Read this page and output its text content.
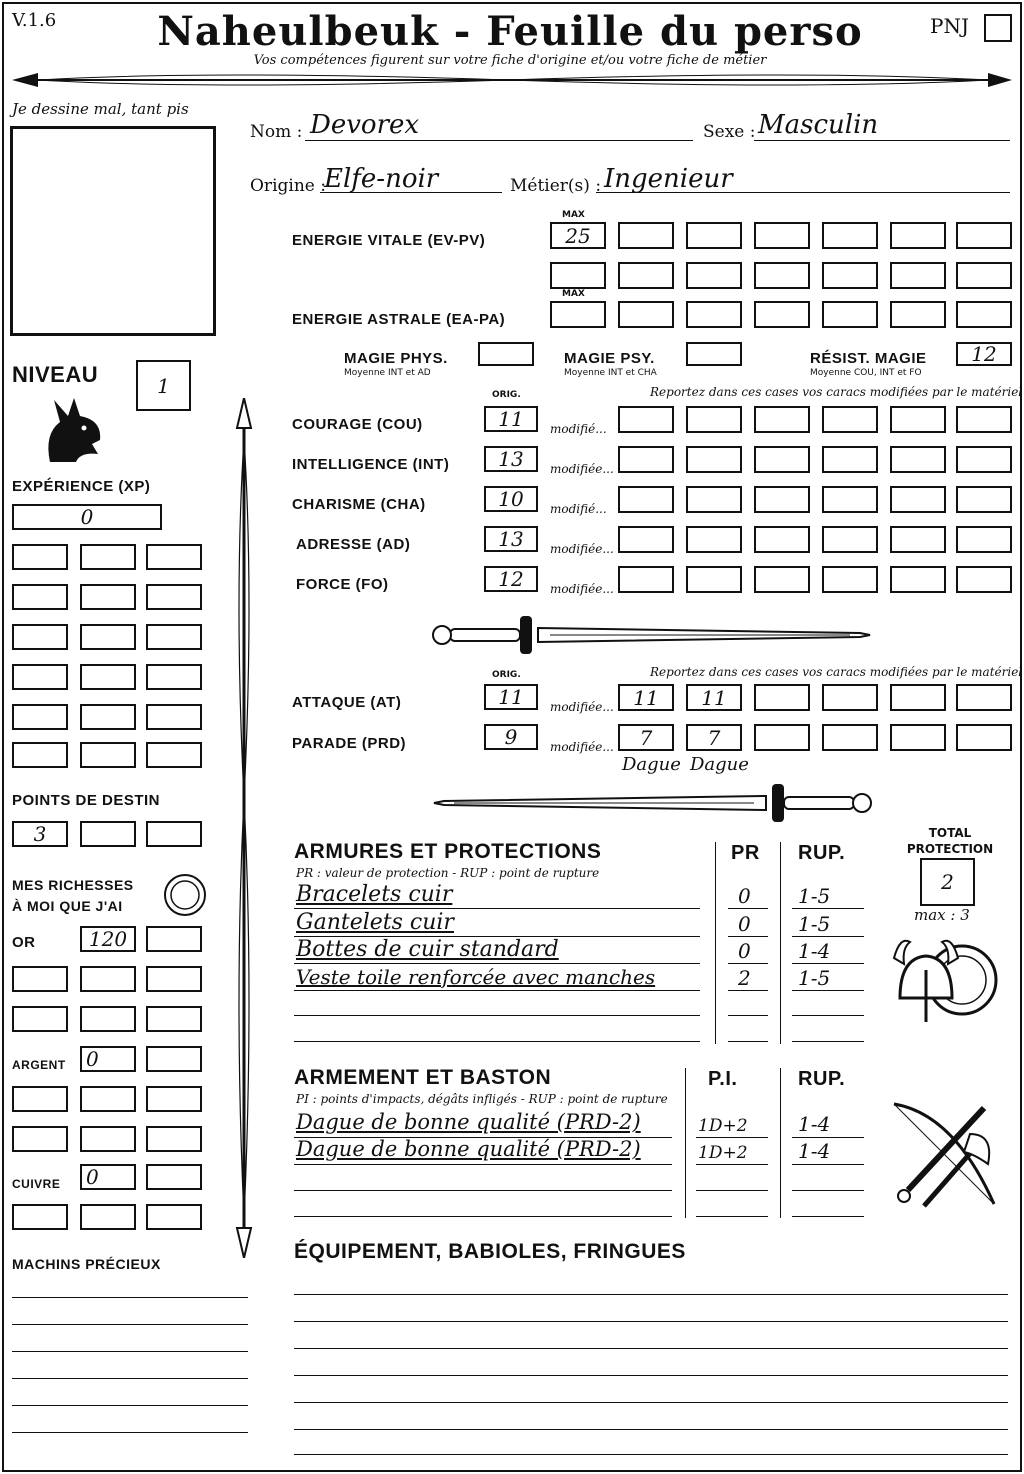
V.1.6	Naheulbeuk - Feuille du perso
Vos compétences figurent sur votre fiche d'origine et/ou votre fiche de métier
PNJ
Je dessine mal, tant pis
Nom : Devorex	Sexe : Masculin
Origine :
Elfe-noir	Métier(s) : Ingenieur
MAX
ENERGIE VITALE (EV-PV)	25
MAX
ENERGIE ASTRALE (EA-PA)
MAGIE PHYS.
Moyenne INT et AD
MAGIE PSY.
Moyenne INT et CHA
RÉSIST. MAGIE
Moyenne COU, INT et FO
12
ORIG.	Reportez dans ces cases vos caracs modifiées par le matériel
COURAGE (COU)	11	modifié...
INTELLIGENCE (INT)	13	modifiée...
CHARISME (CHA)	10	modifié...
ADRESSE (AD)	13	modifiée...
FORCE (FO)	12	modifiée...
ORIG.	Reportez dans ces cases vos caracs modifiées par le matériel
ATTAQUE (AT)	11	modifiée... 11	11
PARADE (PRD)	9	modifiée...	7	7
Dague Dague
NIVEAU	1
EXPÉRIENCE (XP)
0
POINTS DE DESTIN
3
MES RICHESSES
À MOI QUE J'AI
OR	120
ARGENT 0
CUIVRE 0
MACHINS PRÉCIEUX
ARMURES ET PROTECTIONS
PR : valeur de protection - RUP : point de rupture
PR RUP.
Bracelets cuir	0 1-5
Gantelets cuir	0 1-5
Bottes de cuir standard	0 1-4
Veste toile renforcée avec manches	2 1-5
TOTAL
PROTECTION
2
max : 3
ARMEMENT ET BASTON
PI : points d'impacts, dégâts infligés - RUP : point de rupture
P.I.	RUP.
Dague de bonne qualité (PRD-2)	1D+2	1-4
Dague de bonne qualité (PRD-2)	1D+2	1-4
ÉQUIPEMENT, BABIOLES, FRINGUES
